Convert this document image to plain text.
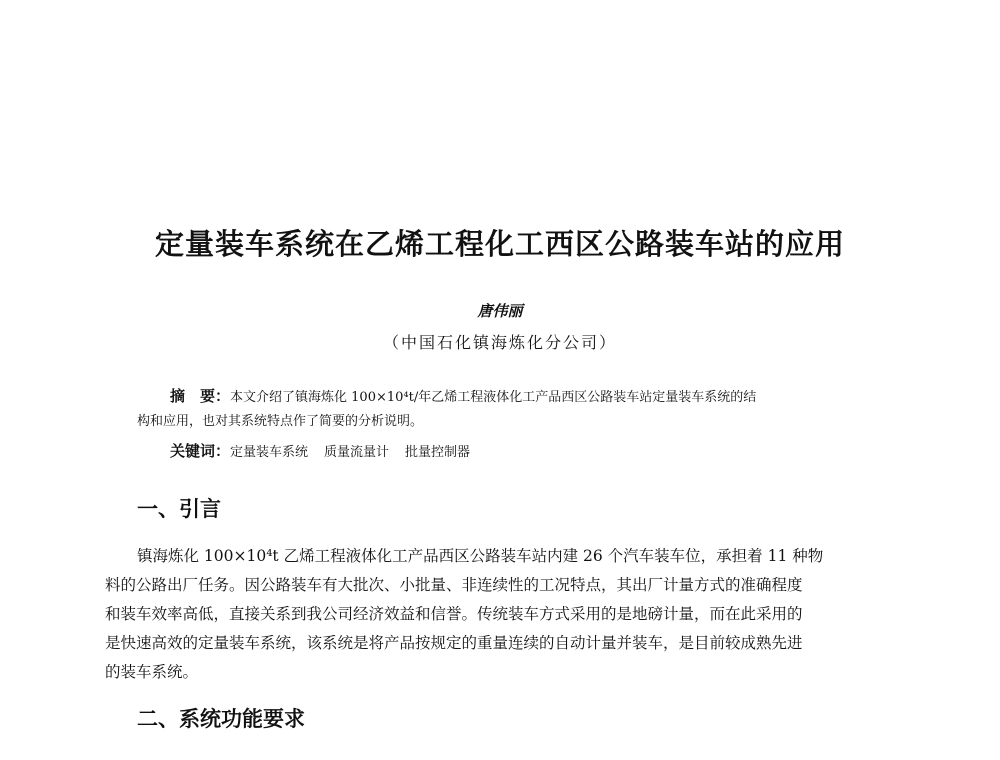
定量装车系统在乙烯工程化工西区公路装车站的应用
唐伟丽
（中国石化镇海炼化分公司）
摘　要：本文介绍了镇海炼化 100×10⁴t/年乙烯工程液体化工产品西区公路装车站定量装车系统的结
构和应用，也对其系统特点作了简要的分析说明。
关键词：定量装车系统 质量流量计 批量控制器
一、引言
镇海炼化 100×10⁴t 乙烯工程液体化工产品西区公路装车站内建 26 个汽车装车位，承担着 11 种物
料的公路出厂任务。因公路装车有大批次、小批量、非连续性的工况特点，其出厂计量方式的准确程度
和装车效率高低，直接关系到我公司经济效益和信誉。传统装车方式采用的是地磅计量，而在此采用的
是快速高效的定量装车系统，该系统是将产品按规定的重量连续的自动计量并装车，是目前较成熟先进
的装车系统。
二、系统功能要求
